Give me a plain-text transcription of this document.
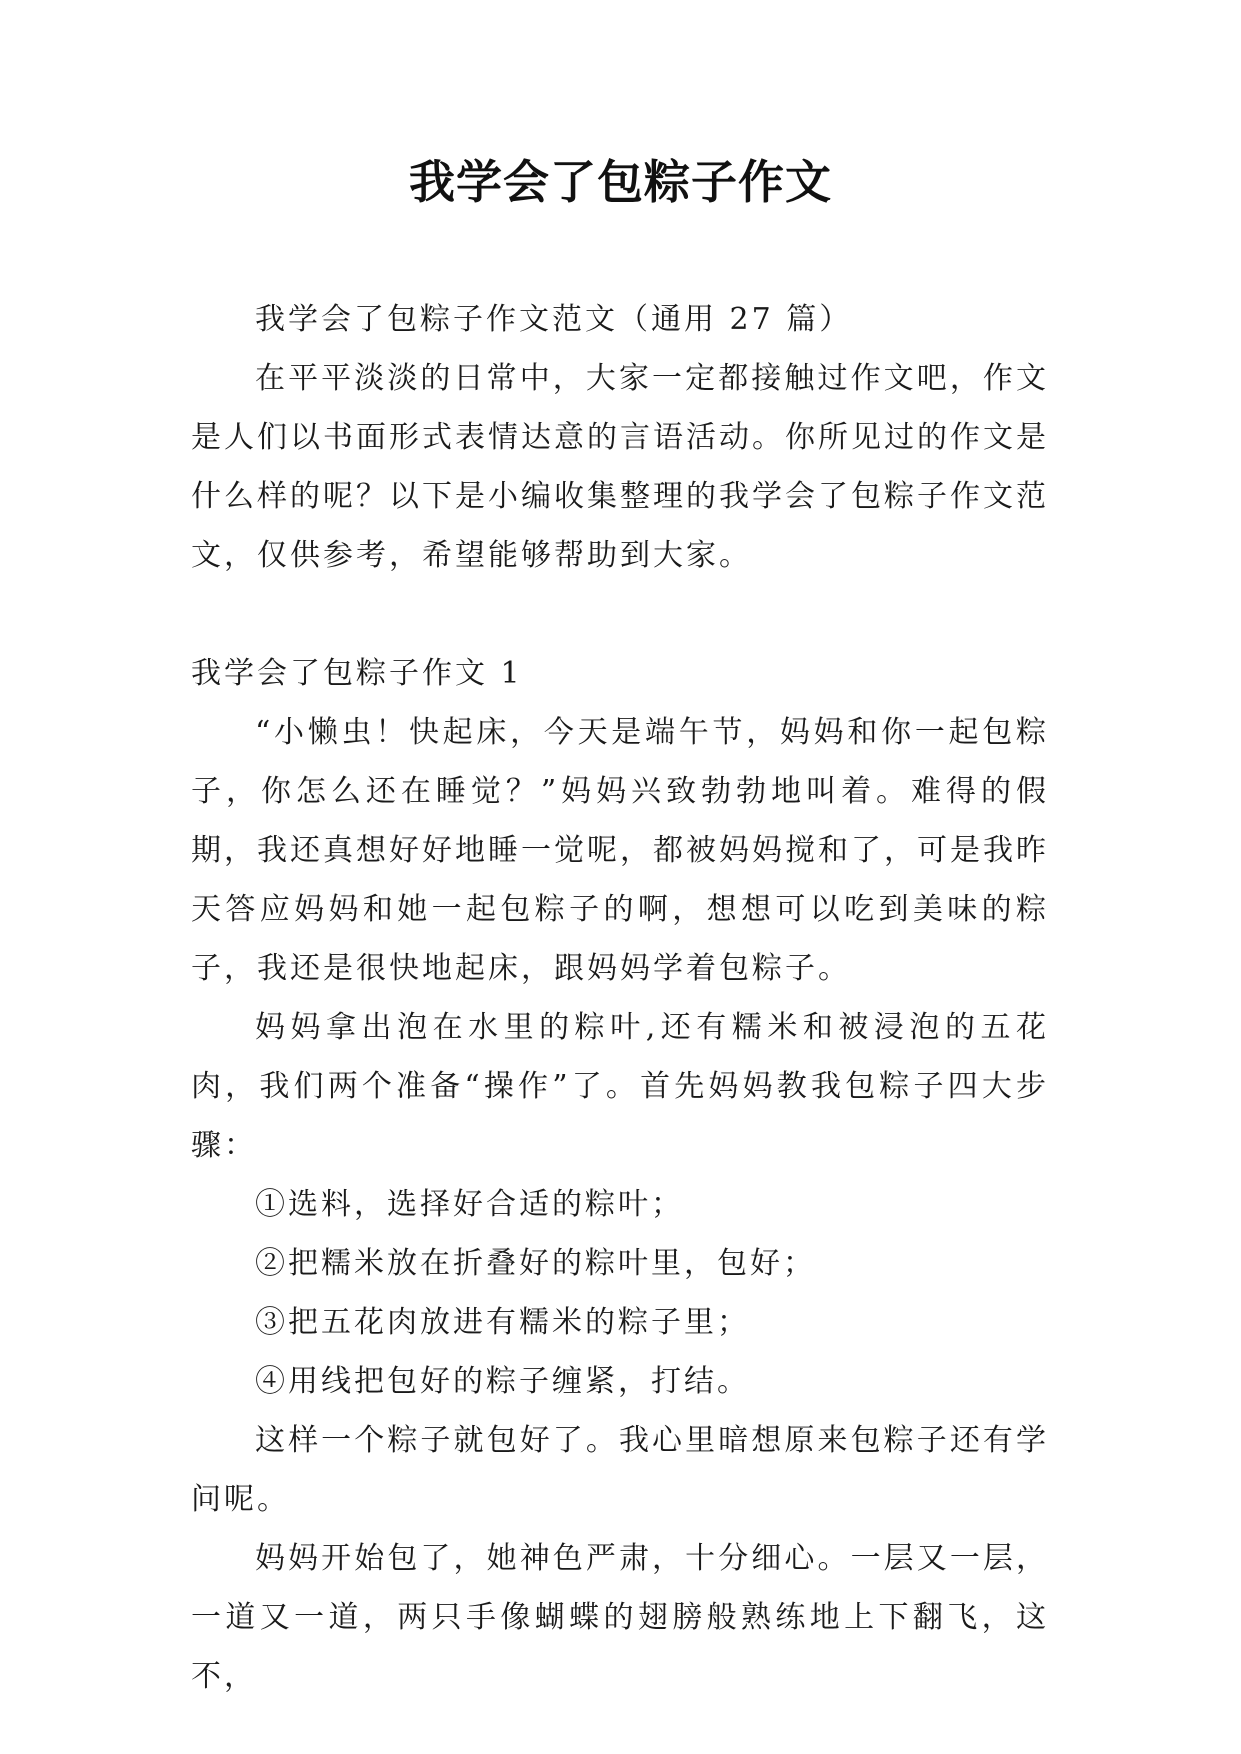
我学会了包粽子作文

我学会了包粽子作文范文（通用 27 篇）

在平平淡淡的日常中，大家一定都接触过作文吧，作文是人们以书面形式表情达意的言语活动。你所见过的作文是什么样的呢？以下是小编收集整理的我学会了包粽子作文范文，仅供参考，希望能够帮助到大家。

我学会了包粽子作文 1

“小懒虫！快起床，今天是端午节，妈妈和你一起包粽子，你怎么还在睡觉？”妈妈兴致勃勃地叫着。难得的假期，我还真想好好地睡一觉呢，都被妈妈搅和了，可是我昨天答应妈妈和她一起包粽子的啊，想想可以吃到美味的粽子，我还是很快地起床，跟妈妈学着包粽子。

妈妈拿出泡在水里的粽叶,还有糯米和被浸泡的五花肉，我们两个准备“操作”了。首先妈妈教我包粽子四大步骤：

①选料，选择好合适的粽叶；

②把糯米放在折叠好的粽叶里，包好；

③把五花肉放进有糯米的粽子里；

④用线把包好的粽子缠紧，打结。

这样一个粽子就包好了。我心里暗想原来包粽子还有学问呢。

妈妈开始包了，她神色严肃，十分细心。一层又一层，一道又一道，两只手像蝴蝶的翅膀般熟练地上下翻飞，这不，
